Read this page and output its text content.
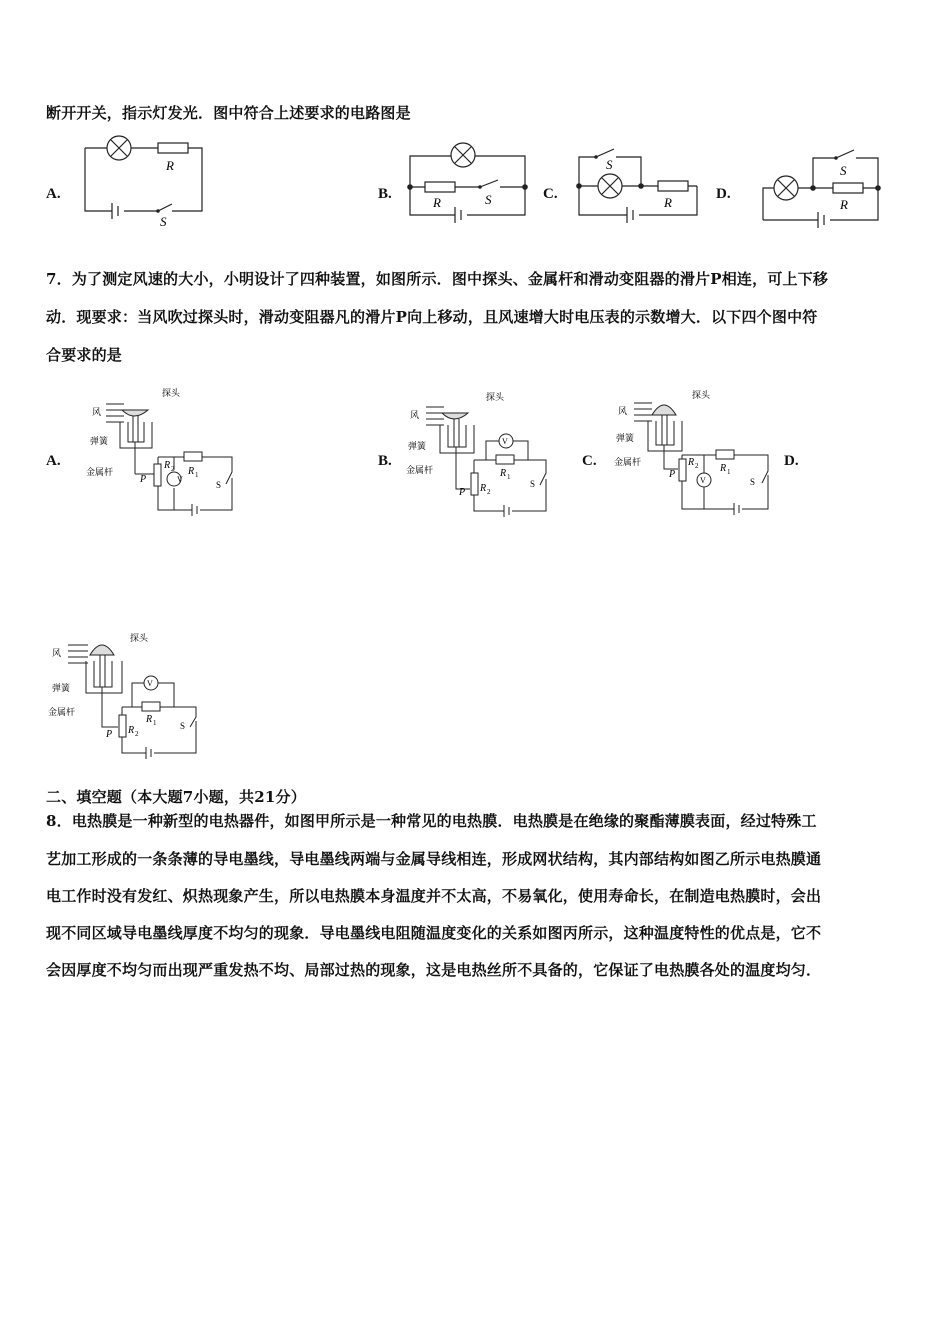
断开开关，指示灯发光．图中符合上述要求的电路图是
A.	B.	C.	D.
R
S
R	S
S
R
S
R
7．为了测定风速的大小，小明设计了四种装置，如图所示．图中探头、金属杆和滑动变阻器的滑片P相连，可上下移
动．现要求：当风吹过探头时，滑动变阻器凡的滑片P向上移动，且风速增大时电压表的示数增大．以下四个图中符
合要求的是
A.	B.	C.	D.
V
风
探头
弹簧
金属杆
P
R 2 R 1
S
V
风
探头
弹簧
金属杆
P R 2
R 1
S	V
风
探头
弹簧
金属杆
P
R 2 R 1
S
V
风
探头
弹簧
金属杆
P R 2
R 1	S
二、填空题（本大题7小题，共21分）
8．电热膜是一种新型的电热器件，如图甲所示是一种常见的电热膜．电热膜是在绝缘的聚酯薄膜表面，经过特殊工
艺加工形成的一条条薄的导电墨线，导电墨线两端与金属导线相连，形成网状结构，其内部结构如图乙所示电热膜通
电工作时没有发红、炽热现象产生，所以电热膜本身温度并不太高，不易氧化，使用寿命长，在制造电热膜时，会出
现不同区域导电墨线厚度不均匀的现象．导电墨线电阻随温度变化的关系如图丙所示，这种温度特性的优点是，它不
会因厚度不均匀而出现严重发热不均、局部过热的现象，这是电热丝所不具备的，它保证了电热膜各处的温度均匀．
